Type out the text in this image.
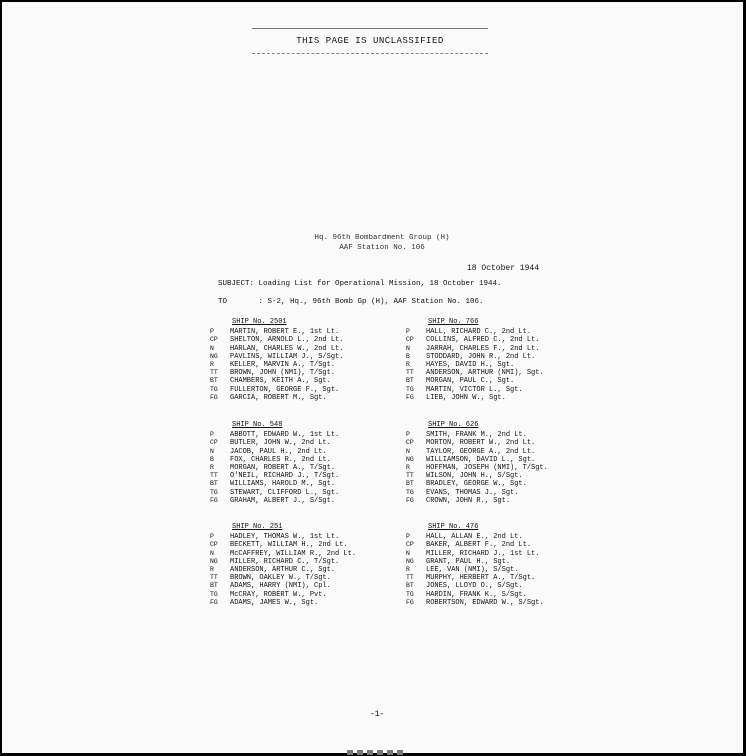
THIS PAGE IS UNCLASSIFIED
Hq. 96th Bombardment Group (H)
AAF Station No. 106
18 October 1944
SUBJECT: Loading List for Operational Mission, 18 October 1944.
TO	: S-2, Hq., 96th Bomb Gp (H), AAF Station No. 106.
SHIP No. 2501
P MARTIN, ROBERT E., 1st Lt.
CP SHELTON, ARNOLD L., 2nd Lt.
N HARLAN, CHARLES W., 2nd Lt.
NG PAVLINS, WILLIAM J., S/Sgt.
R KELLER, MARVIN A., T/Sgt.
TT BROWN, JOHN (NMI), T/Sgt.
BT CHAMBERS, KEITH A., Sgt.
TG FULLERTON, GEORGE F., Sgt.
FG GARCIA, ROBERT M., Sgt.
SHIP No. 766
P HALL, RICHARD C., 2nd Lt.
CP COLLINS, ALFRED C., 2nd Lt.
N JARRAH, CHARLES F., 2nd Lt.
B STODDARD, JOHN R., 2nd Lt.
R HAYES, DAVID H., Sgt.
TT ANDERSON, ARTHUR (NMI), Sgt.
BT MORGAN, PAUL C., Sgt.
TG MARTIN, VICTOR L., Sgt.
FG LIEB, JOHN W., Sgt.
SHIP No. 548
P ABBOTT, EDWARD W., 1st Lt.
CP BUTLER, JOHN W., 2nd Lt.
N JACOB, PAUL H., 2nd Lt.
B FOX, CHARLES R., 2nd Lt.
R MORGAN, ROBERT A., T/Sgt.
TT O'NEIL, RICHARD J., T/Sgt.
BT WILLIAMS, HAROLD M., Sgt.
TG STEWART, CLIFFORD L., Sgt.
FG GRAHAM, ALBERT J., S/Sgt.
SHIP No. 626
P SMITH, FRANK M., 2nd Lt.
CP MORTON, ROBERT W., 2nd Lt.
N TAYLOR, GEORGE A., 2nd Lt.
NG WILLIAMSON, DAVID L., Sgt.
R HOFFMAN, JOSEPH (NMI), T/Sgt.
TT WILSON, JOHN H., S/Sgt.
BT BRADLEY, GEORGE W., Sgt.
TG EVANS, THOMAS J., Sgt.
FG CROWN, JOHN R., Sgt.
SHIP No. 251
P HADLEY, THOMAS W., 1st Lt.
CP BECKETT, WILLIAM H., 2nd Lt.
N McCAFFREY, WILLIAM R., 2nd Lt.
NG MILLER, RICHARD C., T/Sgt.
R ANDERSON, ARTHUR C., Sgt.
TT BROWN, OAKLEY W., T/Sgt.
BT ADAMS, HARRY (NMI), Cpl.
TG McCRAY, ROBERT W., Pvt.
FG ADAMS, JAMES W., Sgt.
SHIP No. 476
P HALL, ALLAN E., 2nd Lt.
CP BAKER, ALBERT F., 2nd Lt.
N MILLER, RICHARD J., 1st Lt.
NG GRANT, PAUL H., Sgt.
R LEE, VAN (NMI), S/Sgt.
TT MURPHY, HERBERT A., T/Sgt.
BT JONES, LLOYD O., S/Sgt.
TG HARDIN, FRANK K., S/Sgt.
FG ROBERTSON, EDWARD W., S/Sgt.
-1-
